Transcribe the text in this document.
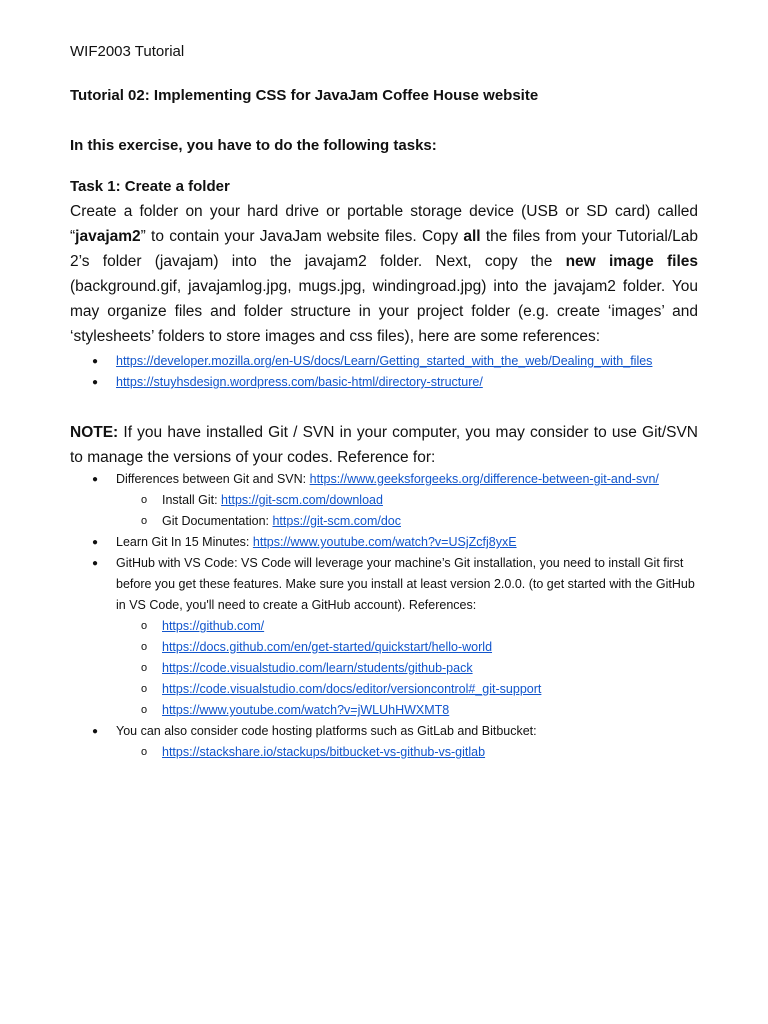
WIF2003 Tutorial
Tutorial 02: Implementing CSS for JavaJam Coffee House website
In this exercise, you have to do the following tasks:
Task 1: Create a folder
Create a folder on your hard drive or portable storage device (USB or SD card) called “javajam2” to contain your JavaJam website files. Copy all the files from your Tutorial/Lab 2’s folder (javajam) into the javajam2 folder. Next, copy the new image files (background.gif, javajamlog.jpg, mugs.jpg, windingroad.jpg) into the javajam2 folder. You may organize files and folder structure in your project folder (e.g. create ‘images’ and ‘stylesheets’ folders to store images and css files), here are some references:
●	https://developer.mozilla.org/en-US/docs/Learn/Getting_started_with_the_web/Dealing_with_files
●	https://stuyhsdesign.wordpress.com/basic-html/directory-structure/
NOTE: If you have installed Git / SVN in your computer, you may consider to use Git/SVN to manage the versions of your codes. Reference for:
●	Differences between Git and SVN: https://www.geeksforgeeks.org/difference-between-git-and-svn/
o	Install Git: https://git-scm.com/download
o	Git Documentation: https://git-scm.com/doc
●	Learn Git In 15 Minutes: https://www.youtube.com/watch?v=USjZcfj8yxE
●	GitHub with VS Code: VS Code will leverage your machine’s Git installation, you need to install Git first before you get these features. Make sure you install at least version 2.0.0. (to get started with the GitHub in VS Code, you'll need to create a GitHub account). References:
o	https://github.com/
o	https://docs.github.com/en/get-started/quickstart/hello-world
o	https://code.visualstudio.com/learn/students/github-pack
o	https://code.visualstudio.com/docs/editor/versioncontrol#_git-support
o	https://www.youtube.com/watch?v=jWLUhHWXMT8
●	You can also consider code hosting platforms such as GitLab and Bitbucket:
o	https://stackshare.io/stackups/bitbucket-vs-github-vs-gitlab
